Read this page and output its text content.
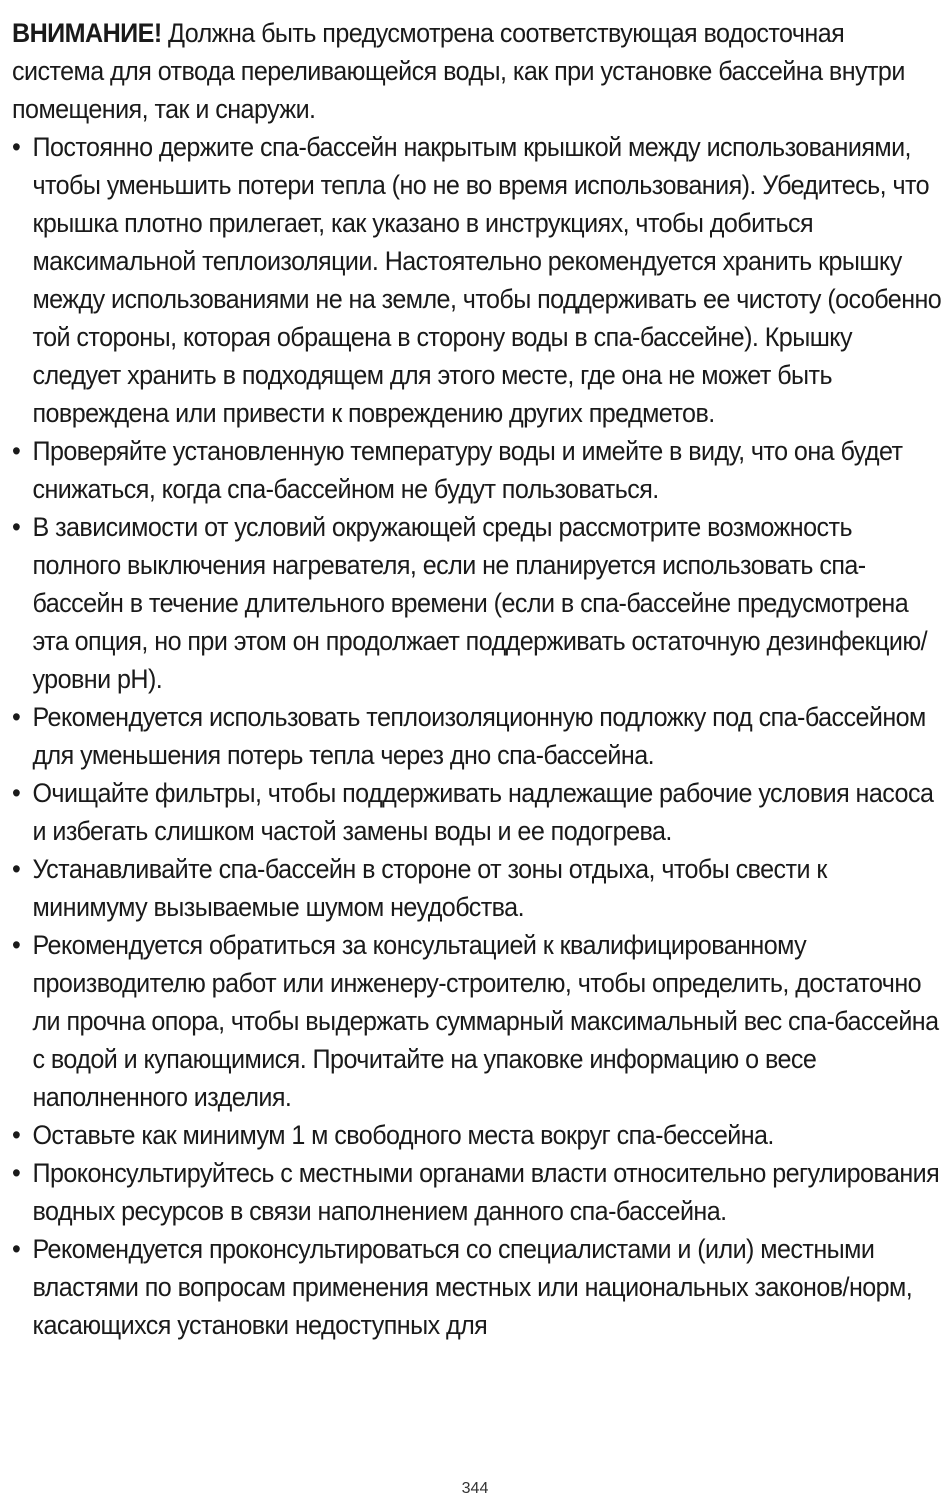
ВНИМАНИЕ! Должна быть предусмотрена соответствующая водосточная система для отвода переливающейся воды, как при установке бассейна внутри помещения, так и снаружи.

• Постоянно держите спа-бассейн накрытым крышкой между использованиями, чтобы уменьшить потери тепла (но не во время использования). Убедитесь, что крышка плотно прилегает, как указано в инструкциях, чтобы добиться максимальной теплоизоляции. Настоятельно рекомендуется хранить крышку между использованиями не на земле, чтобы поддерживать ее чистоту (особенно той стороны, которая обращена в сторону воды в спа-бассейне). Крышку следует хранить в подходящем для этого месте, где она не может быть повреждена или привести к повреждению других предметов.
• Проверяйте установленную температуру воды и имейте в виду, что она будет снижаться, когда спа-бассейном не будут пользоваться.
• В зависимости от условий окружающей среды рассмотрите возможность полного выключения нагревателя, если не планируется использовать спа-бассейн в течение длительного времени (если в спа-бассейне предусмотрена эта опция, но при этом он продолжает поддерживать остаточную дезинфекцию/уровни pH).
• Рекомендуется использовать теплоизоляционную подложку под спа-бассейном для уменьшения потерь тепла через дно спа-бассейна.
• Очищайте фильтры, чтобы поддерживать надлежащие рабочие условия насоса и избегать слишком частой замены воды и ее подогрева.
• Устанавливайте спа-бассейн в стороне от зоны отдыха, чтобы свести к минимуму вызываемые шумом неудобства.
• Рекомендуется обратиться за консультацией к квалифицированному производителю работ или инженеру-строителю, чтобы определить, достаточно ли прочна опора, чтобы выдержать суммарный максимальный вес спа-бассейна с водой и купающимися. Прочитайте на упаковке информацию о весе наполненного изделия.
• Оставьте как минимум 1 м свободного места вокруг спа-бессейна.
• Проконсультируйтесь с местными органами власти относительно регулирования водных ресурсов в связи наполнением данного спа-бассейна.
• Рекомендуется проконсультироваться со специалистами и (или) местными властями по вопросам применения местных или национальных законов/норм, касающихся установки недоступных для
344
